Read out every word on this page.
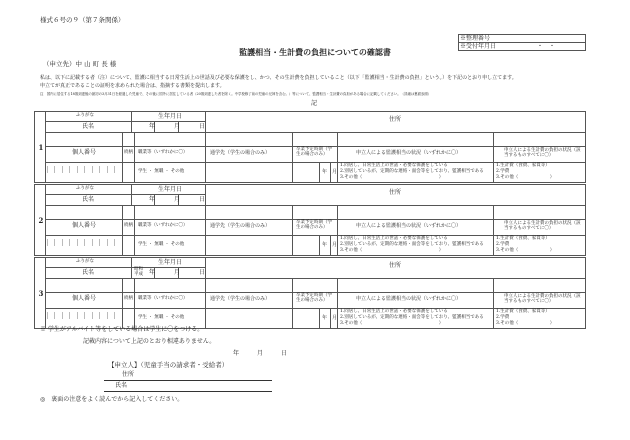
様式６号の９（第７条関係）
※整理番号
※受付年月日	・　・
監護相当・生計費の負担についての確認書
（申立先）中 山 町 長 様
私は、以下に記載する者（注）について、監護に相当する日常生活上の世話及び必要な保護をし、かつ、その生計費を負担していること（以下「監護相当・生計費の負担」という。）を下記のとおり申し立てます。
申立てが真正であることの証明を求められた場合は、指摘する書類を提出します。
注　国内に居住する18歳到達後の最初の3月31日を経過した児童で、その後に国外に居住している者（20歳到達した者を除く。中学校修了前の児童の兄姉を含む。）等について、監護相当・生計費の負担がある場合に記載してください。（詳細は裏面参照）
記
1
ふりがな
氏名
生年月日
年	月	日
住所
個人番号	続柄 職業等（いずれかに〇）
学生 ・ 無職 ・ その他
通学先（学生の場合のみ）
卒業予定時期（学生の場合のみ）
年 月
申立人による監護相当の状況（いずれかに〇）
1.同居し、日常生活上の世話・必要な保護をしている
2.別居しているが、定期的な連絡・面会等をしており、監護相当である
3.その他（　　　　　　　　　　　　　　　　　）
申立人による生計費の負担の状況（該当するものすべてに〇）
1.生計費（食費、家賃等）
2.学費
3.その他（　　　　　　　）
2
ふりがな
氏名
生年月日
年	月	日
住所
個人番号	続柄 職業等（いずれかに〇）
学生 ・ 無職 ・ その他
通学先（学生の場合のみ）
卒業予定時期（学生の場合のみ）
年 月
申立人による監護相当の状況（いずれかに〇）
1.同居し、日常生活上の世話・必要な保護をしている
2.別居しているが、定期的な連絡・面会等をしており、監護相当である
3.その他（　　　　　　　　　　　　　　　　　）
申立人による生計費の負担の状況（該当するものすべてに〇）
1.生計費（食費、家賃等）
2.学費
3.その他（　　　　　　　）
3
ふりがな
氏名
生年月日
昭和
平成 年	月	日
住所
個人番号	続柄 職業等（いずれかに〇）
学生 ・ 無職 ・ その他
通学先（学生の場合のみ）
卒業予定時期（学生の場合のみ）
年 月
申立人による監護相当の状況（いずれかに〇）
1.同居し、日常生活上の世話・必要な保護をしている
2.別居しているが、定期的な連絡・面会等をしており、監護相当である
3.その他（　　　　　　　　　　　　　　　　　）
申立人による生計費の負担の状況（該当するものすべてに〇）
1.生計費（食費、家賃等）
2.学費
3.その他（　　　　　　　）
※ 学生がアルバイト等をしている場合は学生に〇をつける。
記載内容について上記のとおり相違ありません。
年　　　月　　　日
【申立人】（児童手当の請求者・受給者）
住所
氏名
◎　裏面の注意をよく読んでから記入してください。
